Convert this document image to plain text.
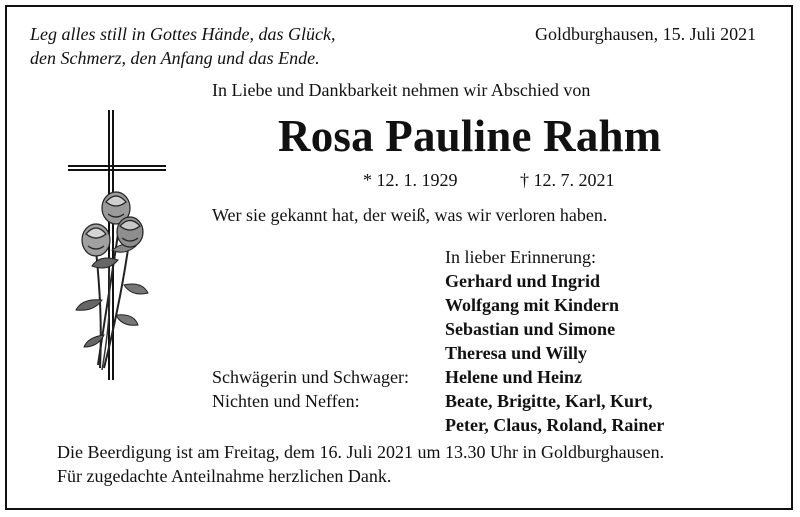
Leg alles still in Gottes Hände, das Glück,
den Schmerz, den Anfang und das Ende.
Goldburghausen, 15. Juli 2021
In Liebe und Dankbarkeit nehmen wir Abschied von
Rosa Pauline Rahm
* 12. 1. 1929	† 12. 7. 2021
Wer sie gekannt hat, der weiß, was wir verloren haben.
In lieber Erinnerung:
Gerhard und Ingrid
Wolfgang mit Kindern
Sebastian und Simone
Theresa und Willy
Schwägerin und Schwager: Helene und Heinz
Nichten und Neffen:	Beate, Brigitte, Karl, Kurt,
Peter, Claus, Roland, Rainer
Die Beerdigung ist am Freitag, dem 16. Juli 2021 um 13.30 Uhr in Goldburghausen.
Für zugedachte Anteilnahme herzlichen Dank.
